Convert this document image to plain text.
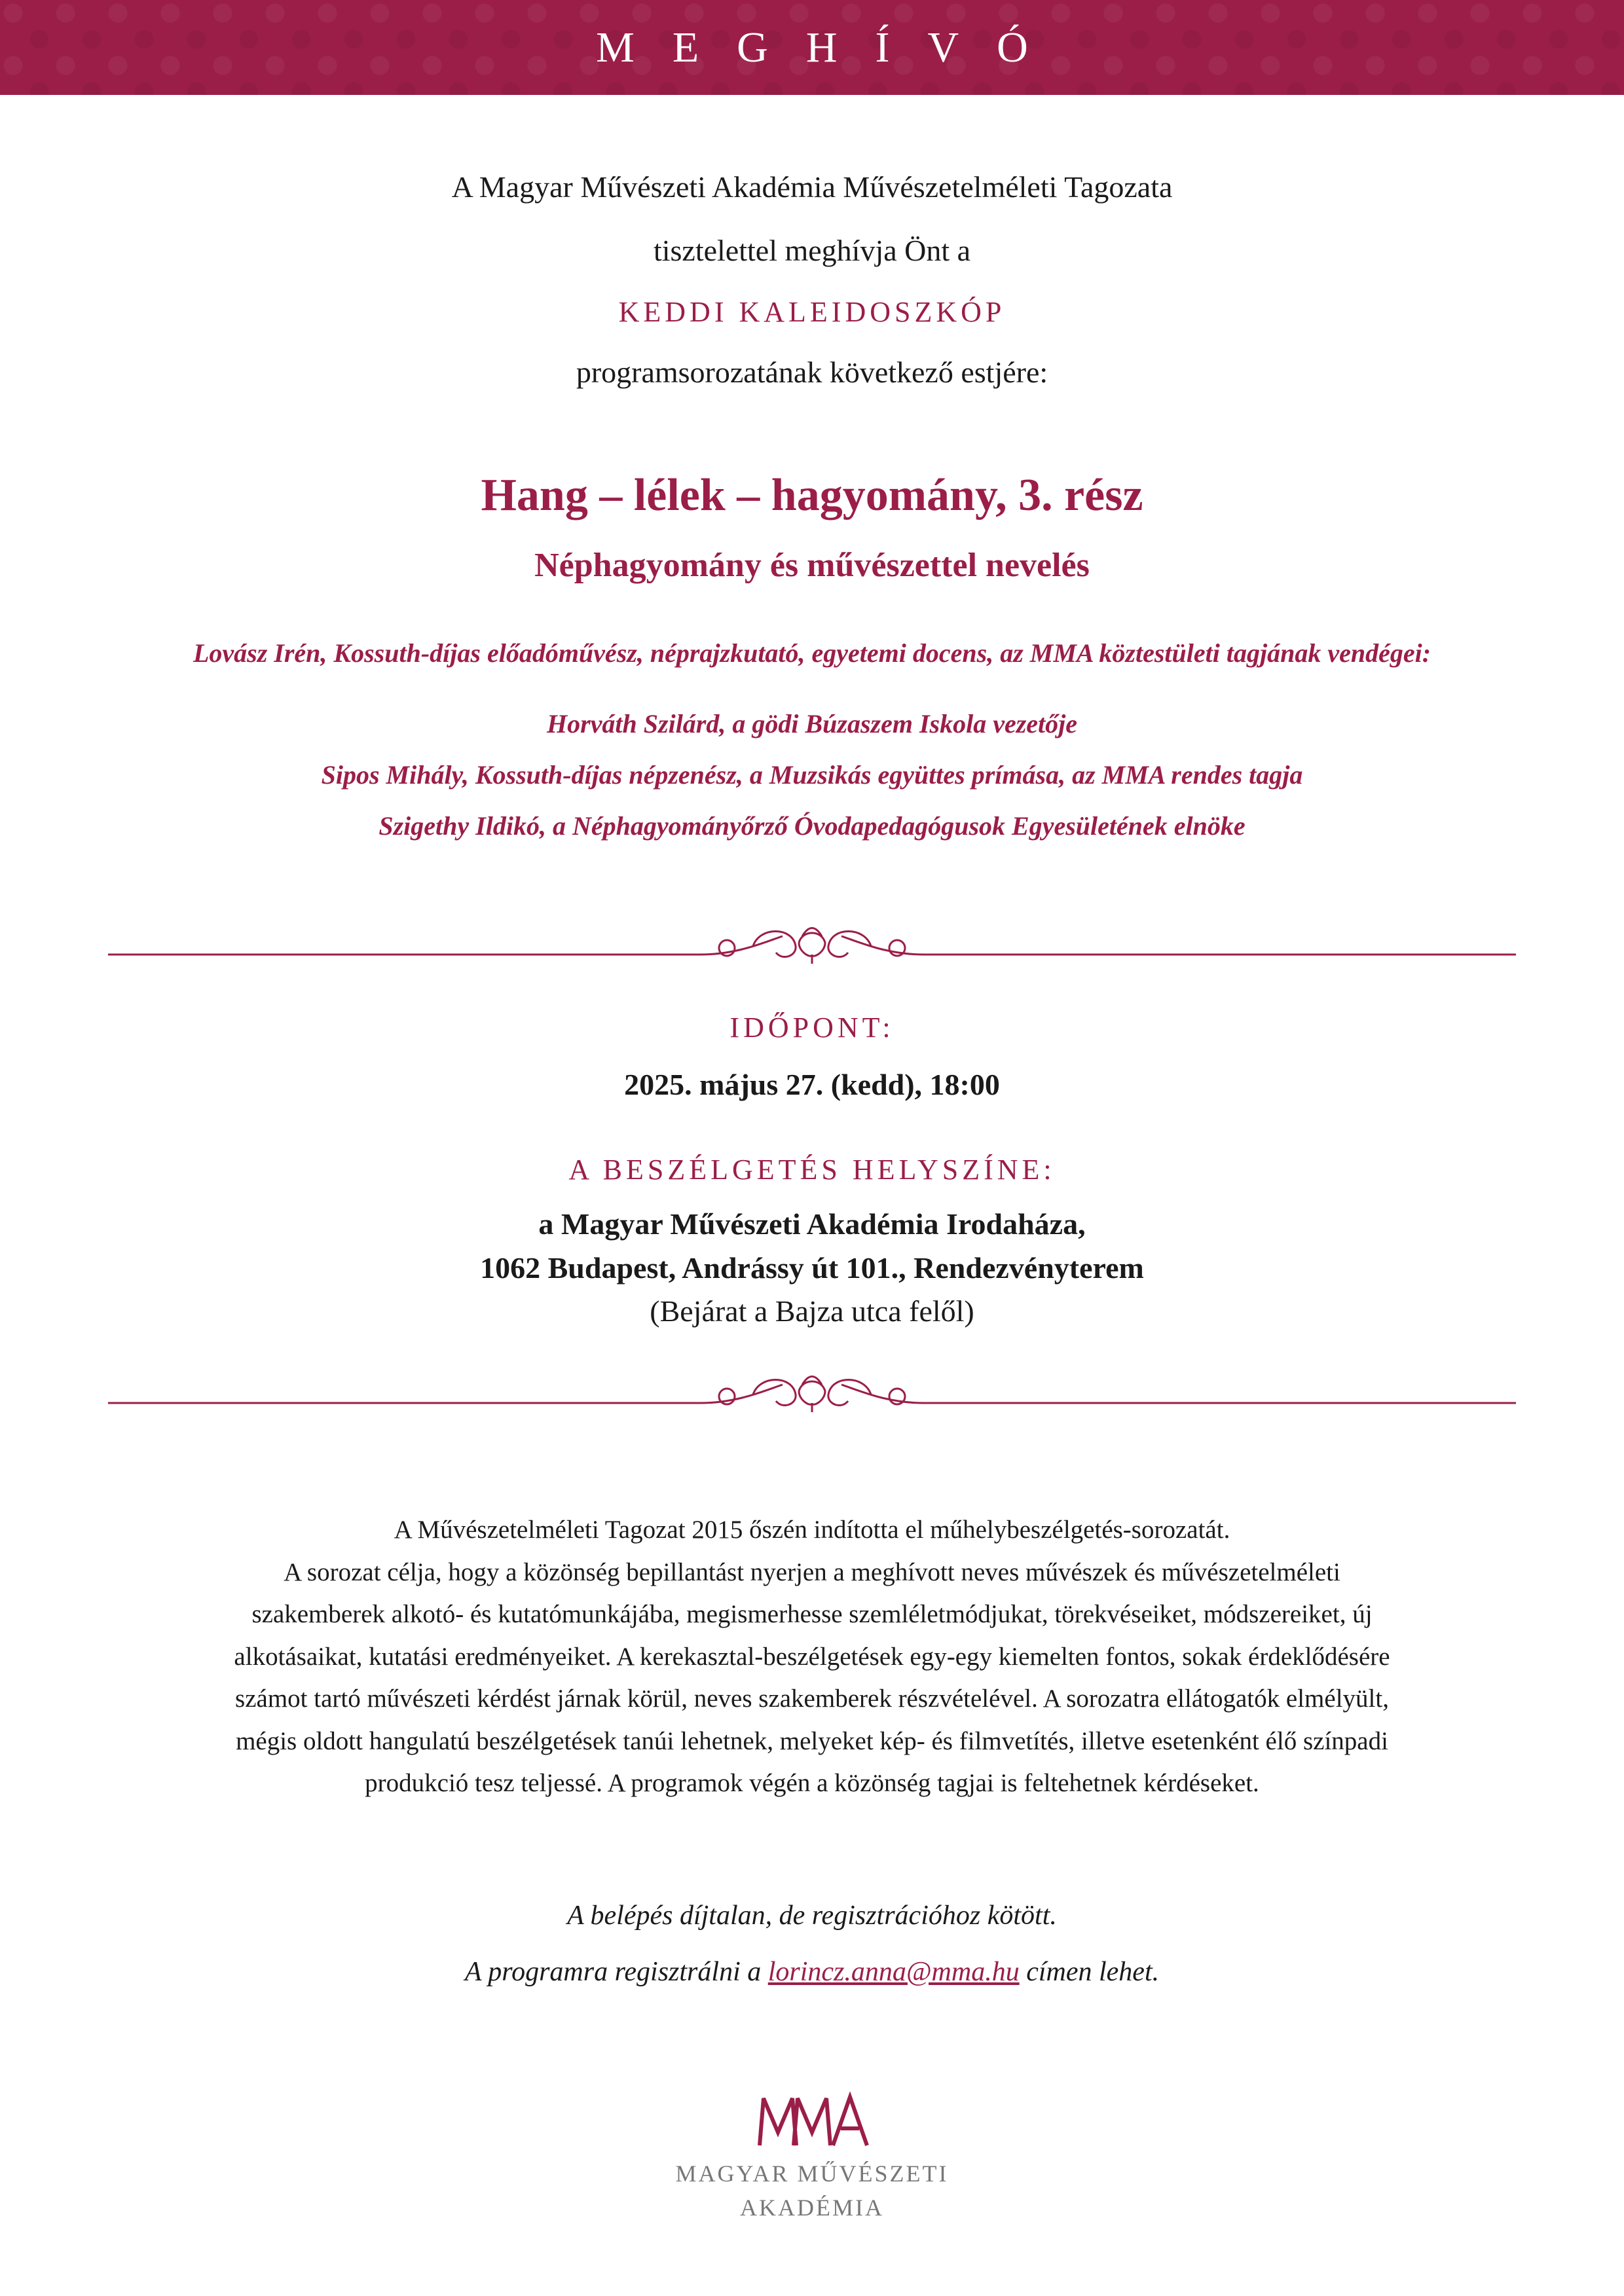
MEGHÍVÓ
A Magyar Művészeti Akadémia Művészetelméleti Tagozata
tisztelettel meghívja Önt a
KEDDI KALEIDOSZKÓP
programsorozatának következő estjére:
Hang – lélek – hagyomány, 3. rész
Néphagyomány és művészettel nevelés
Lovász Irén, Kossuth-díjas előadóművész, néprajzkutató, egyetemi docens, az MMA köztestületi tagjának vendégei:
Horváth Szilárd, a gödi Búzaszem Iskola vezetője
Sipos Mihály, Kossuth-díjas népzenész, a Muzsikás együttes prímása, az MMA rendes tagja
Szigethy Ildikó, a Néphagyományőrző Óvodapedagógusok Egyesületének elnöke
IDŐPONT:
2025. május 27. (kedd), 18:00
A BESZÉLGETÉS HELYSZÍNE:
a Magyar Művészeti Akadémia Irodaháza,
1062 Budapest, Andrássy út 101., Rendezvényterem
(Bejárat a Bajza utca felől)
A Művészetelméleti Tagozat 2015 őszén indította el műhelybeszélgetés-sorozatát.
A sorozat célja, hogy a közönség bepillantást nyerjen a meghívott neves művészek és művészetelméleti
szakemberek alkotó- és kutatómunkájába, megismerhesse szemléletmódjukat, törekvéseiket, módszereiket, új
alkotásaikat, kutatási eredményeiket. A kerekasztal-beszélgetések egy-egy kiemelten fontos, sokak érdeklődésére
számot tartó művészeti kérdést járnak körül, neves szakemberek részvételével. A sorozatra ellátogatók elmélyült,
mégis oldott hangulatú beszélgetések tanúi lehetnek, melyeket kép- és filmvetítés, illetve esetenként élő színpadi
produkció tesz teljessé. A programok végén a közönség tagjai is feltehetnek kérdéseket.
A belépés díjtalan, de regisztrációhoz kötött.
A programra regisztrálni a lorincz.anna@mma.hu címen lehet.
MAGYAR MŰVÉSZETI
AKADÉMIA
